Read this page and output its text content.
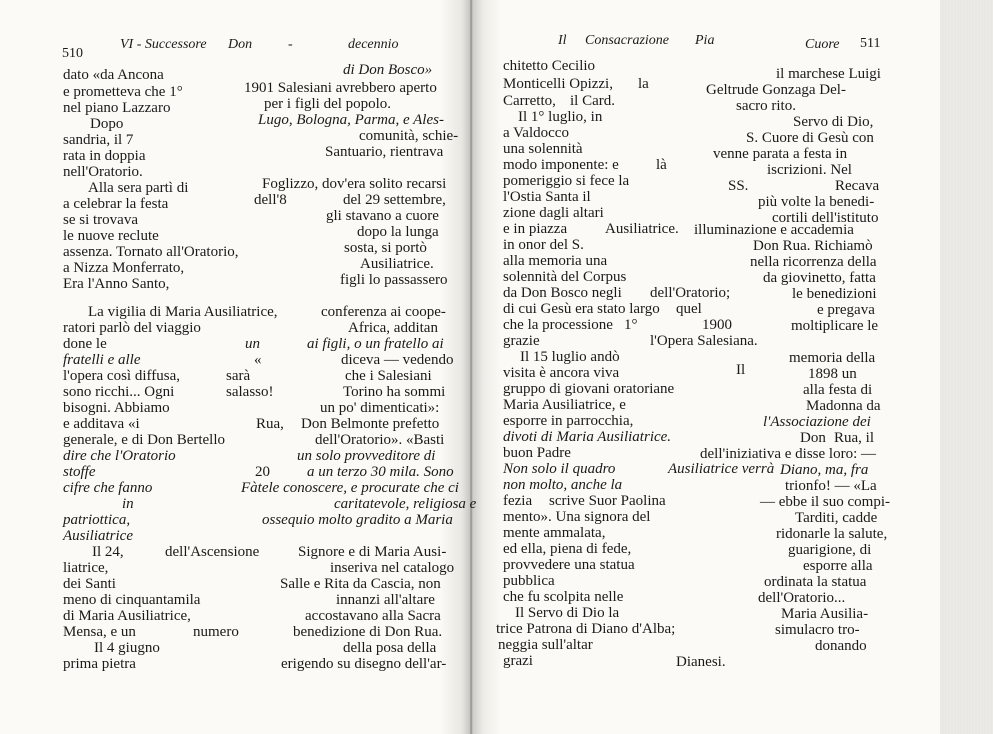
510
VI - Successore Don	-	decennio
dato «da Ancona	di Don Bosco»
e prometteva che 1°	1901 Salesiani avrebbero aperto
nel piano Lazzaro	per i figli del popolo.
Dopo	Lugo, Bologna, Parma, e Ales-
sandria, il 7	comunità, schie-
rata in doppia	Santuario, rientrava
nell'Oratorio.
Alla sera partì di	Foglizzo, dov'era solito recarsi
a celebrar la festa	dell'8	del 29 settembre,
se si trovava	gli stavano a cuore
le nuove reclute	dopo la lunga
assenza. Tornato all'Oratorio,	sosta, si portò
a Nizza Monferrato,	Ausiliatrice.
Era l'Anno Santo,	figli lo passassero
La vigilia di Maria Ausiliatrice,	conferenza ai coope-
ratori parlò del viaggio	Africa, additan
done le	un	ai figli, o un fratello ai
fratelli e alle	«	diceva — vedendo
l'opera così diffusa,	sarà	che i Salesiani
sono ricchi... Ogni	salasso!	Torino ha sommi
bisogni. Abbiamo	un po' dimenticati»:
e additava «i	Rua, Don Belmonte prefetto
generale, e di Don Bertello	dell'Oratorio». «Basti
dire che l'Oratorio	un solo provveditore di
stoffe	20 a un terzo 30 mila. Sono
cifre che fanno	Fàtele conoscere, e procurate che ci
in	caritatevole, religiosa e
patriottica,	ossequio molto gradito a Maria
Ausiliatrice
Il 24,	dell'Ascensione	Signore e di Maria Ausi-
liatrice,	inseriva nel catalogo
dei Santi	Salle e Rita da Cascia, non
meno di cinquantamila	innanzi all'altare
di Maria Ausiliatrice,	accostavano alla Sacra
Mensa, e un	numero	benedizione di Don Rua.
Il 4 giugno	della posa della
prima pietra	erigendo su disegno dell'ar-
Il Consacrazione Pia	Cuore 511
chitetto Cecilio	il marchese Luigi
Monticelli Opizzi, la	Geltrude Gonzaga Del-
Carretto, il Card.	sacro rito.
Il 1° luglio, in	Servo di Dio,
a Valdocco	S. Cuore di Gesù con
una solennità	venne parata a festa in
modo imponente: e là	iscrizioni. Nel
pomeriggio si fece la	SS.	Recava
l'Ostia Santa il	più volte la benedi-
zione dagli altari	cortili dell'istituto
e in piazza	Ausiliatrice. illuminazione e accademia
in onor del S.	Don Rua. Richiamò
alla memoria una	nella ricorrenza della
solennità del Corpus	da giovinetto, fatta
da Don Bosco negli dell'Oratorio;	le benedizioni
di cui Gesù era stato largo quel	e pregava
che la processione 1°	1900	moltiplicare le
grazie	l'Opera Salesiana.
Il 15 luglio andò	memoria della
visita è ancora viva	Il	1898 un
gruppo di giovani oratoriane	alla festa di
Maria Ausiliatrice, e	Madonna da
esporre in parrocchia,	l'Associazione dei
divoti di Maria Ausiliatrice.	Don Rua, il
buon Padre	dell'iniziativa e disse loro: —
Non solo il quadro	Ausiliatrice verrà Diano, ma, fra
non molto, anche la	trionfo! — «La
fezia scrive Suor Paolina	— ebbe il suo compi-
mento». Una signora del	Tarditi, cadde
mente ammalata,	ridonarle la salute,
ed ella, piena di fede,	guarigione, di
provvedere una statua	esporre alla
pubblica	ordinata la statua
che fu scolpita nelle	dell'Oratorio...
Il Servo di Dio la	Maria Ausilia-
trice Patrona di Diano d'Alba;	simulacro tro-
neggia sull'altar	donando
grazi	Dianesi.
